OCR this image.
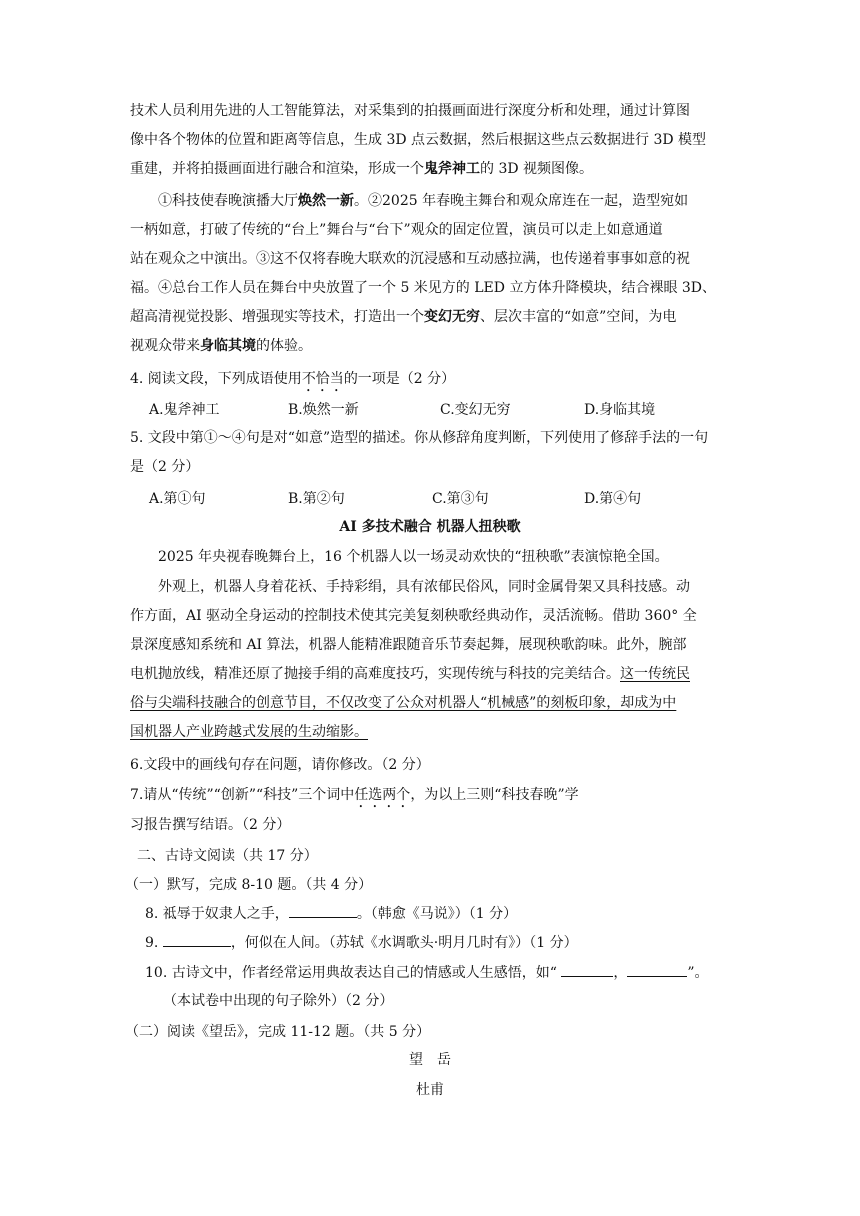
技术人员利用先进的人工智能算法，对采集到的拍摄画面进行深度分析和处理，通过计算图
像中各个物体的位置和距离等信息，生成 3D 点云数据，然后根据这些点云数据进行 3D 模型
重建，并将拍摄画面进行融合和渲染，形成一个鬼斧神工的 3D 视频图像。
①科技使春晚演播大厅焕然一新。②2025 年春晚主舞台和观众席连在一起，造型宛如
一柄如意，打破了传统的“台上”舞台与“台下”观众的固定位置，演员可以走上如意通道
站在观众之中演出。③这不仅将春晚大联欢的沉浸感和互动感拉满，也传递着事事如意的祝
福。④总台工作人员在舞台中央放置了一个 5 米见方的 LED 立方体升降模块，结合裸眼 3D、
超高清视觉投影、增强现实等技术，打造出一个变幻无穷、层次丰富的“如意”空间，为电
视观众带来身临其境的体验。
4. 阅读文段，下列成语使用不恰当的一项是（2 分）
A.鬼斧神工	B.焕然一新	C.变幻无穷	D.身临其境
5. 文段中第①～④句是对“如意”造型的描述。你从修辞角度判断，下列使用了修辞手法的一句
是（2 分）
A.第①句	B.第②句	C.第③句	D.第④句
AI 多技术融合 机器人扭秧歌
2025 年央视春晚舞台上，16 个机器人以一场灵动欢快的“扭秧歌”表演惊艳全国。
外观上，机器人身着花袄、手持彩绢，具有浓郁民俗风，同时金属骨架又具科技感。动
作方面，AI 驱动全身运动的控制技术使其完美复刻秧歌经典动作，灵活流畅。借助 360° 全
景深度感知系统和 AI 算法，机器人能精准跟随音乐节奏起舞，展现秧歌韵味。此外，腕部
电机抛放线，精准还原了抛接手绢的高难度技巧，实现传统与科技的完美结合。这一传统民
俗与尖端科技融合的创意节目，不仅改变了公众对机器人“机械感”的刻板印象，却成为中
国机器人产业跨越式发展的生动缩影。
6.文段中的画线句存在问题，请你修改。（2 分）
7.请从“传统”“创新”“科技”三个词中任选两个，为以上三则“科技春晚”学
习报告撰写结语。（2 分）
二、古诗文阅读（共 17 分）
（一）默写，完成 8-10 题。（共 4 分）
8. 祗辱于奴隶人之手，	。（韩愈《马说》）（1 分）
9.	，何似在人间。（苏轼《水调歌头·明月几时有》）（1 分）
10. 古诗文中，作者经常运用典故表达自己的情感或人生感悟，如“	，	”。
（本试卷中出现的句子除外）（2 分）
（二）阅读《望岳》，完成 11-12 题。（共 5 分）
望　岳
杜甫
